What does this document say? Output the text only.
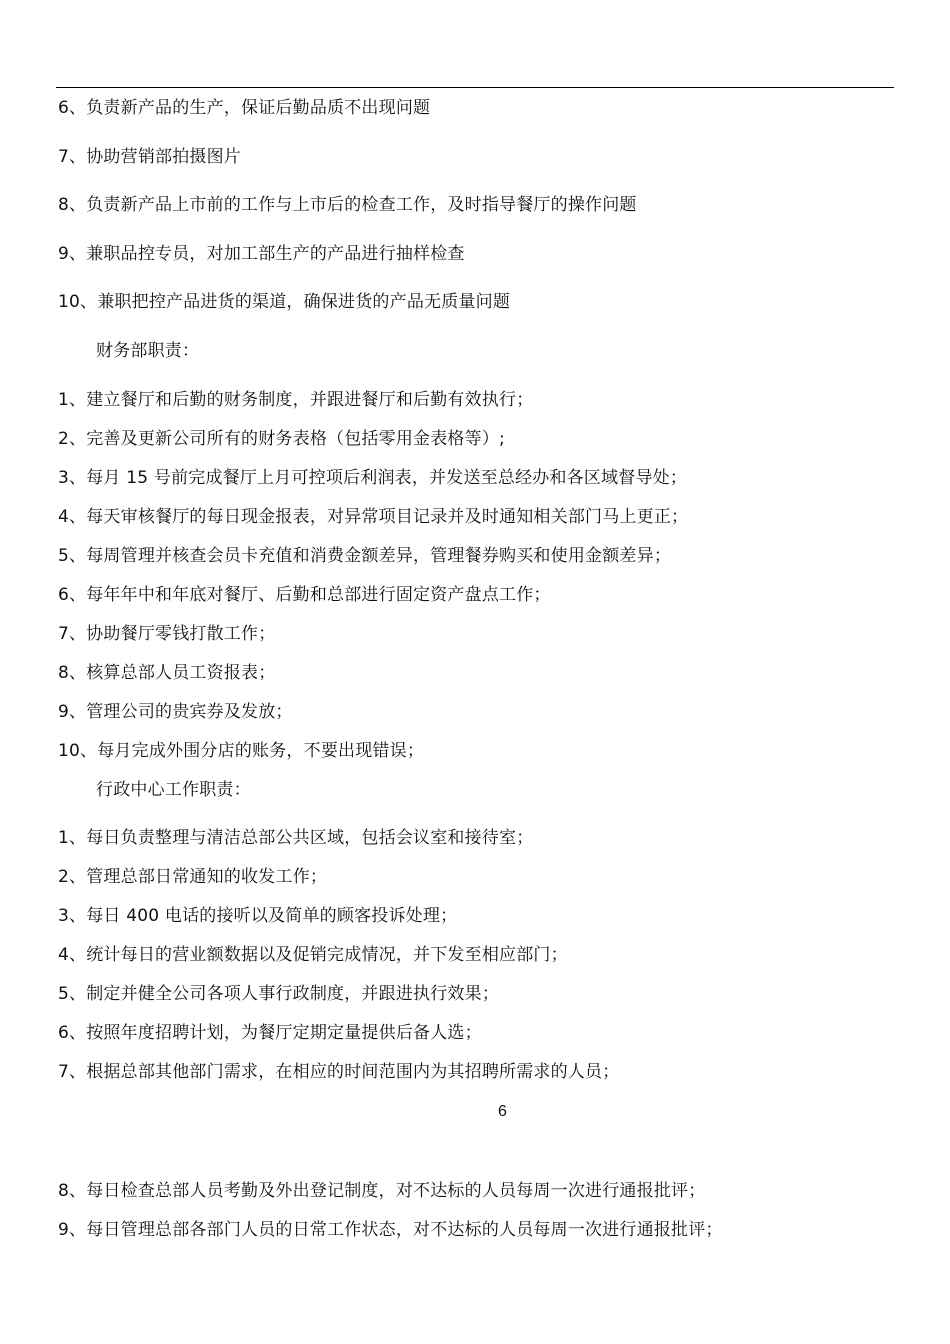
6、负责新产品的生产，保证后勤品质不出现问题
7、协助营销部拍摄图片
8、负责新产品上市前的工作与上市后的检查工作，及时指导餐厅的操作问题
9、兼职品控专员，对加工部生产的产品进行抽样检查
10、兼职把控产品进货的渠道，确保进货的产品无质量问题
财务部职责：
1、建立餐厅和后勤的财务制度，并跟进餐厅和后勤有效执行；
2、完善及更新公司所有的财务表格（包括零用金表格等）;
3、每月 15 号前完成餐厅上月可控项后利润表，并发送至总经办和各区域督导处；
4、每天审核餐厅的每日现金报表，对异常项目记录并及时通知相关部门马上更正；
5、每周管理并核查会员卡充值和消费金额差异，管理餐券购买和使用金额差异；
6、每年年中和年底对餐厅、后勤和总部进行固定资产盘点工作；
7、协助餐厅零钱打散工作；
8、核算总部人员工资报表；
9、管理公司的贵宾券及发放；
10、每月完成外围分店的账务，不要出现错误；
行政中心工作职责：
1、每日负责整理与清洁总部公共区域，包括会议室和接待室；
2、管理总部日常通知的收发工作；
3、每日 400 电话的接听以及简单的顾客投诉处理；
4、统计每日的营业额数据以及促销完成情况，并下发至相应部门；
5、制定并健全公司各项人事行政制度，并跟进执行效果；
6、按照年度招聘计划，为餐厅定期定量提供后备人选；
7、根据总部其他部门需求，在相应的时间范围内为其招聘所需求的人员；
6
8、每日检查总部人员考勤及外出登记制度，对不达标的人员每周一次进行通报批评；
9、每日管理总部各部门人员的日常工作状态，对不达标的人员每周一次进行通报批评；
